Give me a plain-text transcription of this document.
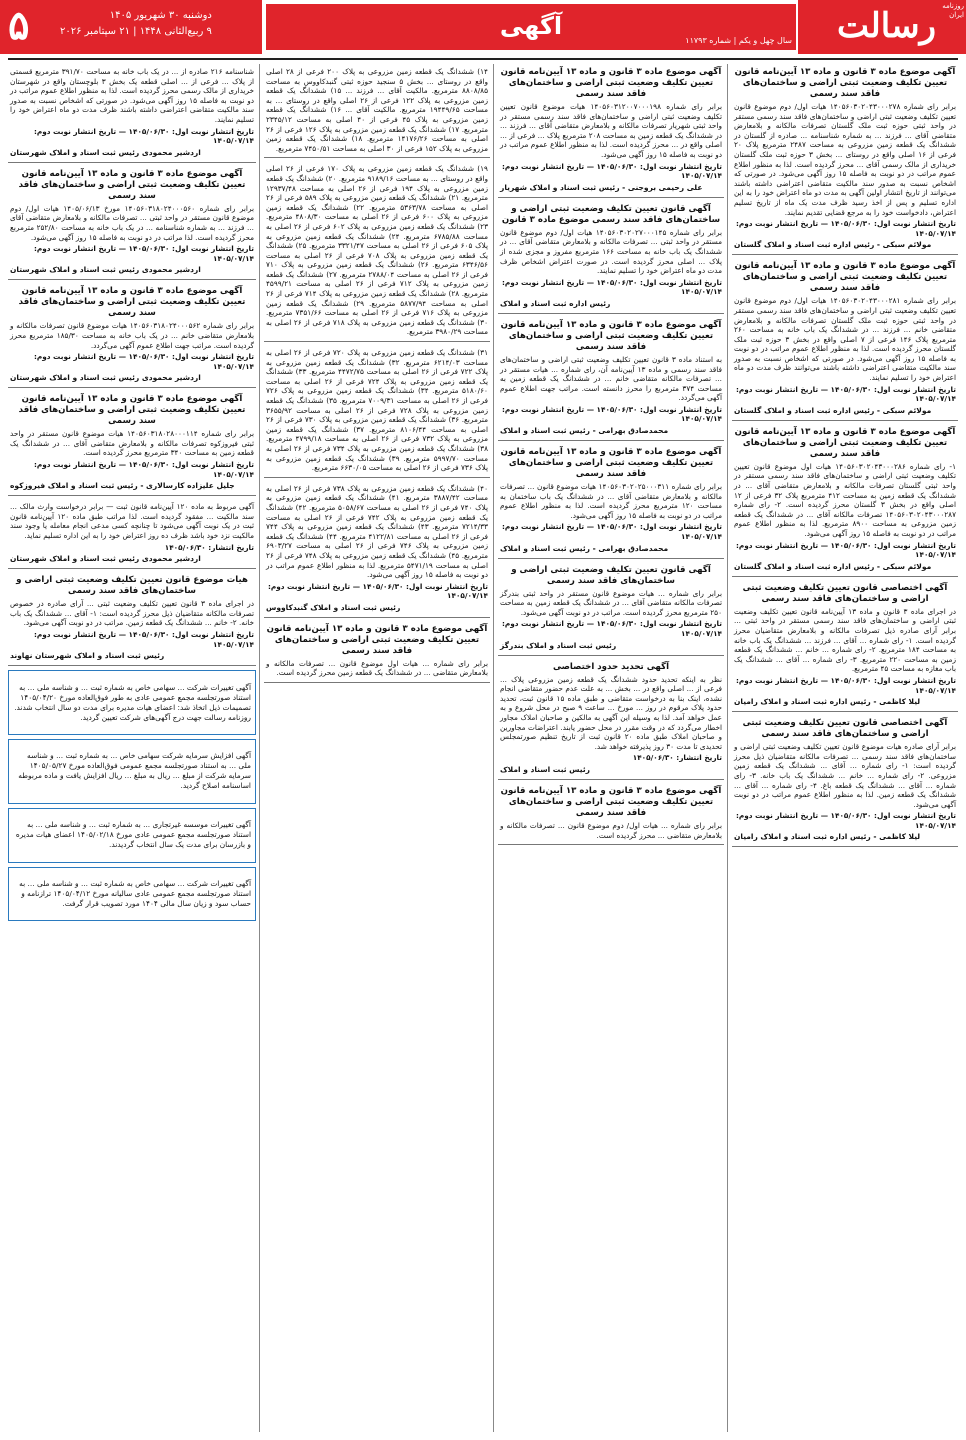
رسالت
آگهی
۵	دوشنبه ۳۰ شهریور ۱۴۰۵
۹ ربیع‌الثانی ۱۴۴۸ | ۲۱ سپتامبر ۲۰۲۶
سال چهل و یکم | شماره ۱۱۷۹۳
روزنامه
ایران
آگهی موضوع ماده ۳ قانون و ماده ۱۳ آیین‌نامه قانون تعیین تکلیف وضعیت ثبتی اراضی و ساختمان‌های فاقد سند رسمی

برابر رای شماره ۱۴۰۵۶۰۳۰۲۰۴۳۰۰۰۲۷۸ هیات اول/ دوم موضوع قانون تعیین تکلیف وضعیت ثبتی اراضی و ساختمان‌های فاقد سند رسمی مستقر در واحد ثبتی حوزه ثبت ملک گلستان تصرفات مالکانه و بلامعارض متقاضی آقای ... فرزند ... به شماره شناسنامه ... صادره از گلستان در ششدانگ یک قطعه زمین مزروعی به مساحت ۲۴۸۷ مترمربع پلاک ۲۰ فرعی از ۱۶ اصلی واقع در روستای ... بخش ۳ حوزه ثبت ملک گلستان خریداری از مالک رسمی آقای ... محرز گردیده است. لذا به منظور اطلاع عموم مراتب در دو نوبت به فاصله ۱۵ روز آگهی می‌شود. در صورتی که اشخاص نسبت به صدور سند مالکیت متقاضی اعتراضی داشته باشند می‌توانند از تاریخ انتشار اولین آگهی به مدت دو ماه اعتراض خود را به این اداره تسلیم و پس از اخذ رسید ظرف مدت یک ماه از تاریخ تسلیم اعتراض، دادخواست خود را به مرجع قضایی تقدیم نمایند.

تاریخ انتشار نوبت اول: ۱۴۰۵/۰۶/۳۰ — تاریخ انتشار نوبت دوم: ۱۴۰۵/۰۷/۱۴
مولائم سبکی - رئیس اداره ثبت اسناد و املاک گلستان
آگهی موضوع ماده ۳ قانون و ماده ۱۳ آیین‌نامه قانون تعیین تکلیف وضعیت ثبتی اراضی و ساختمان‌های فاقد سند رسمی

برابر رای شماره ۱۴۰۵۶۰۳۰۲۰۴۳۰۰۰۲۸۱ هیات اول/ دوم موضوع قانون تعیین تکلیف وضعیت ثبتی اراضی و ساختمان‌های فاقد سند رسمی مستقر در واحد ثبتی حوزه ثبت ملک گلستان تصرفات مالکانه و بلامعارض متقاضی خانم ... فرزند ... در ششدانگ یک باب خانه به مساحت ۲۶۰ مترمربع پلاک ۱۴۶ فرعی از ۷ اصلی واقع در بخش ۳ حوزه ثبت ملک گلستان محرز گردیده است. لذا به منظور اطلاع عموم مراتب در دو نوبت به فاصله ۱۵ روز آگهی می‌شود. در صورتی که اشخاص نسبت به صدور سند مالکیت متقاضی اعتراضی داشته باشند می‌توانند ظرف مدت دو ماه اعتراض خود را تسلیم نمایند.

تاریخ انتشار نوبت اول: ۱۴۰۵/۰۶/۳۰ — تاریخ انتشار نوبت دوم: ۱۴۰۵/۰۷/۱۴
مولائم سبکی - رئیس اداره ثبت اسناد و املاک گلستان
آگهی موضوع ماده ۳ قانون و ماده ۱۳ آیین‌نامه قانون تعیین تکلیف وضعیت ثبتی اراضی و ساختمان‌های فاقد سند رسمی

۱- رای شماره ۱۴۰۵۶۰۳۰۲۰۴۳۰۰۰۲۸۶ هیات اول موضوع قانون تعیین تکلیف وضعیت ثبتی اراضی و ساختمان‌های فاقد سند رسمی مستقر در واحد ثبتی گلستان تصرفات مالکانه و بلامعارض متقاضی آقای ... در ششدانگ یک قطعه زمین به مساحت ۴۱۲ مترمربع پلاک ۳۲ فرعی از ۱۲ اصلی واقع در بخش ۳ گلستان محرز گردیده است. ۲- رای شماره ۱۴۰۵۶۰۳۰۲۰۴۳۰۰۰۲۸۷ تصرفات مالکانه آقای ... در ششدانگ یک قطعه زمین مزروعی به مساحت ۸۹۰۰ مترمربع. لذا به منظور اطلاع عموم مراتب در دو نوبت به فاصله ۱۵ روز آگهی می‌شود.

تاریخ انتشار نوبت اول: ۱۴۰۵/۰۶/۳۰ — تاریخ انتشار نوبت دوم: ۱۴۰۵/۰۷/۱۴
مولائم سبکی - رئیس اداره ثبت اسناد و املاک گلستان
آگهی اختصاصی قانون تعیین تکلیف وضعیت ثبتی اراضی و ساختمان‌های فاقد سند رسمی

در اجرای ماده ۳ قانون و ماده ۱۳ آیین‌نامه قانون تعیین تکلیف وضعیت ثبتی اراضی و ساختمان‌های فاقد سند رسمی مستقر در واحد ثبتی ... برابر آرای صادره ذیل تصرفات مالکانه و بلامعارض متقاضیان محرز گردیده است. ۱- رای شماره ... آقای ... فرزند ... ششدانگ یک باب خانه به مساحت ۱۸۴ مترمربع. ۲- رای شماره ... خانم ... ششدانگ یک قطعه زمین به مساحت ۲۲۰ مترمربع. ۳- رای شماره ... آقای ... ششدانگ یک باب مغازه به مساحت ۴۵ مترمربع.

تاریخ انتشار نوبت اول: ۱۴۰۵/۰۶/۳۰ — تاریخ انتشار نوبت دوم: ۱۴۰۵/۰۷/۱۴
لیلا کاظمی - رئیس اداره ثبت اسناد و املاک رامیان
آگهی اختصاصی قانون تعیین تکلیف وضعیت ثبتی اراضی و ساختمان‌های فاقد سند رسمی

برابر آرای صادره هیات موضوع قانون تعیین تکلیف وضعیت ثبتی اراضی و ساختمان‌های فاقد سند رسمی ... تصرفات مالکانه متقاضیان ذیل محرز گردیده است: ۱- رای شماره ... آقای ... ششدانگ یک قطعه زمین مزروعی. ۲- رای شماره ... خانم ... ششدانگ یک باب خانه. ۳- رای شماره ... آقای ... ششدانگ یک قطعه باغ. ۴- رای شماره ... آقای ... ششدانگ یک قطعه زمین. لذا به منظور اطلاع عموم مراتب در دو نوبت آگهی می‌شود.

تاریخ انتشار نوبت اول: ۱۴۰۵/۰۶/۳۰ — تاریخ انتشار نوبت دوم: ۱۴۰۵/۰۷/۱۴
لیلا کاظمی - رئیس اداره ثبت اسناد و املاک رامیان
آگهی موضوع ماده ۳ قانون و ماده ۱۳ آیین‌نامه قانون تعیین تکلیف وضعیت ثبتی اراضی و ساختمان‌های فاقد سند رسمی

برابر رای شماره ۱۴۰۵۶۰۳۱۲۰۰۷۰۰۰۱۹۸ هیات موضوع قانون تعیین تکلیف وضعیت ثبتی اراضی و ساختمان‌های فاقد سند رسمی مستقر در واحد ثبتی شهریار تصرفات مالکانه و بلامعارض متقاضی آقای ... فرزند ... در ششدانگ یک قطعه زمین به مساحت ۲۰۸ مترمربع پلاک ... فرعی از ... اصلی واقع در ... محرز گردیده است. لذا به منظور اطلاع عموم مراتب در دو نوبت به فاصله ۱۵ روز آگهی می‌شود.

تاریخ انتشار نوبت اول: ۱۴۰۵/۰۶/۳۰ — تاریخ انتشار نوبت دوم: ۱۴۰۵/۰۷/۱۴
علی رحیمی بروجنی - رئیس ثبت اسناد و املاک شهریار
آگهی قانون تعیین تکلیف وضعیت ثبتی اراضی و ساختمان‌های فاقد سند رسمی موضوع ماده ۳ قانون

برابر رای شماره ۱۴۰۵۶۰۳۰۲۰۲۷۰۰۰۱۴۵ هیات اول/ دوم موضوع قانون مستقر در واحد ثبتی ... تصرفات مالکانه و بلامعارض متقاضی آقای ... در ششدانگ یک باب خانه به مساحت ۱۶۶ مترمربع مفروز و مجزی شده از پلاک ... اصلی محرز گردیده است. در صورت اعتراض اشخاص ظرف مدت دو ماه اعتراض خود را تسلیم نمایند.

تاریخ انتشار نوبت اول: ۱۴۰۵/۰۶/۳۰ — تاریخ انتشار نوبت دوم: ۱۴۰۵/۰۷/۱۴
رئیس اداره ثبت اسناد و املاک
آگهی موضوع ماده ۳ قانون و ماده ۱۳ آیین‌نامه قانون تعیین تکلیف وضعیت ثبتی اراضی و ساختمان‌های فاقد سند رسمی

به استناد ماده ۳ قانون تعیین تکلیف وضعیت ثبتی اراضی و ساختمان‌های فاقد سند رسمی و ماده ۱۳ آیین‌نامه آن، رای شماره ... هیات مستقر در ... تصرفات مالکانه متقاضی خانم ... در ششدانگ یک قطعه زمین به مساحت ۳۷۴ مترمربع را محرز دانسته است. مراتب جهت اطلاع عموم آگهی می‌گردد.

تاریخ انتشار نوبت اول: ۱۴۰۵/۰۶/۳۰ — تاریخ انتشار نوبت دوم: ۱۴۰۵/۰۷/۱۴
محمدصادق بهرامی - رئیس ثبت اسناد و املاک
آگهی موضوع ماده ۳ قانون و ماده ۱۳ آیین‌نامه قانون تعیین تکلیف وضعیت ثبتی اراضی و ساختمان‌های فاقد سند رسمی

برابر رای شماره ۱۴۰۵۶۰۳۰۲۰۲۵۰۰۰۳۱۱ هیات موضوع قانون ... تصرفات مالکانه و بلامعارض متقاضی آقای ... در ششدانگ یک باب ساختمان به مساحت ۱۲۰ مترمربع محرز گردیده است. لذا به منظور اطلاع عموم مراتب در دو نوبت به فاصله ۱۵ روز آگهی می‌شود.

تاریخ انتشار نوبت اول: ۱۴۰۵/۰۶/۳۰ — تاریخ انتشار نوبت دوم: ۱۴۰۵/۰۷/۱۴
محمدصادق بهرامی - رئیس ثبت اسناد و املاک
آگهی قانون تعیین تکلیف وضعیت ثبتی اراضی و ساختمان‌های فاقد سند رسمی

برابر رای شماره ... هیات موضوع قانون مستقر در واحد ثبتی بندرگز تصرفات مالکانه متقاضی آقای ... در ششدانگ یک قطعه زمین به مساحت ۲۵۰ مترمربع محرز گردیده است. مراتب در دو نوبت آگهی می‌شود.

تاریخ انتشار نوبت اول: ۱۴۰۵/۰۶/۳۰ — تاریخ انتشار نوبت دوم: ۱۴۰۵/۰۷/۱۴
رئیس ثبت اسناد و املاک بندرگز
آگهی تحدید حدود اختصاصی

نظر به اینکه تحدید حدود ششدانگ یک قطعه زمین مزروعی پلاک ... فرعی از ... اصلی واقع در ... بخش ... به علت عدم حضور متقاضی انجام نشده، اینک بنا به درخواست متقاضی و طبق ماده ۱۵ قانون ثبت، تحدید حدود پلاک مرقوم در روز ... مورخ ... ساعت ۹ صبح در محل شروع و به عمل خواهد آمد. لذا به وسیله این آگهی به مالکین و صاحبان املاک مجاور اخطار می‌گردد که در وقت مقرر در محل حضور یابند. اعتراضات مجاورین و صاحبان املاک طبق ماده ۲۰ قانون ثبت از تاریخ تنظیم صورتمجلس تحدیدی تا مدت ۳۰ روز پذیرفته خواهد شد.

تاریخ انتشار: ۱۴۰۵/۰۶/۳۰
رئیس ثبت اسناد و املاک
آگهی موضوع ماده ۳ قانون و ماده ۱۳ آیین‌نامه قانون تعیین تکلیف وضعیت ثبتی اراضی و ساختمان‌های فاقد سند رسمی

برابر رای شماره ... هیات اول/ دوم موضوع قانون ... تصرفات مالکانه و بلامعارض متقاضی ... محرز گردیده است.

۱۴) ششدانگ یک قطعه زمین مزروعی به پلاک ۲۰۰ فرعی از ۲۸ اصلی واقع در روستای ... بخش ۵ سنجید حوزه ثبتی گنبدکاووس به مساحت ۸۸۰۸/۸۵ مترمربع. مالکیت آقای ... فرزند ... ۱۵) ششدانگ یک قطعه زمین مزروعی به پلاک ۱۲۲ فرعی از ۲۶ اصلی واقع در روستای ... به مساحت ۱۹۴۴۹/۶۵ مترمربع. مالکیت آقای ... ۱۶) ششدانگ یک قطعه زمین مزروعی به پلاک ۴۵ فرعی از ۴۰ اصلی به مساحت ۲۳۴۵/۱۲ مترمربع. ۱۷) ششدانگ یک قطعه زمین مزروعی به پلاک ۱۲۶ فرعی از ۲۶ اصلی به مساحت ۱۴۱۷۶/۲۶ مترمربع. ۱۸) ششدانگ یک قطعه زمین مزروعی به پلاک ۱۵۲ فرعی از ۳۰ اصلی به مساحت ۷۴۵۰/۵۱ مترمربع.

۱۹) ششدانگ یک قطعه زمین مزروعی به پلاک ۱۷۰ فرعی از ۲۶ اصلی واقع در روستای ... به مساحت ۹۱۸۹/۱۶ مترمربع. ۲۰) ششدانگ یک قطعه زمین مزروعی به پلاک ۱۹۴ فرعی از ۲۶ اصلی به مساحت ۱۲۹۳۷/۴۸ مترمربع. ۲۱) ششدانگ یک قطعه زمین مزروعی به پلاک ۵۸۹ فرعی از ۲۶ اصلی به مساحت ۵۳۶۳/۷۸ مترمربع. ۲۲) ششدانگ یک قطعه زمین مزروعی به پلاک ۶۰۰ فرعی از ۲۶ اصلی به مساحت ۴۸۰۸/۳۰ مترمربع. ۲۳) ششدانگ یک قطعه زمین مزروعی به پلاک ۶۰۲ فرعی از ۲۶ اصلی به مساحت ۶۷۸۵/۸۸ مترمربع. ۲۴) ششدانگ یک قطعه زمین مزروعی به پلاک ۶۰۵ فرعی از ۲۶ اصلی به مساحت ۳۳۲۱/۴۷ مترمربع. ۲۵) ششدانگ یک قطعه زمین مزروعی به پلاک ۷۰۸ فرعی از ۲۶ اصلی به مساحت ۶۳۴۶/۵۶ مترمربع. ۲۶) ششدانگ یک قطعه زمین مزروعی به پلاک ۷۱۰ فرعی از ۲۶ اصلی به مساحت ۲۷۸۸/۰۴ مترمربع. ۲۷) ششدانگ یک قطعه زمین مزروعی به پلاک ۷۱۲ فرعی از ۲۶ اصلی به مساحت ۴۵۹۹/۲۱ مترمربع. ۲۸) ششدانگ یک قطعه زمین مزروعی به پلاک ۷۱۴ فرعی از ۲۶ اصلی به مساحت ۵۸۷۷/۹۴ مترمربع. ۲۹) ششدانگ یک قطعه زمین مزروعی به پلاک ۷۱۶ فرعی از ۲۶ اصلی به مساحت ۷۳۵۱/۶۶ مترمربع. ۳۰) ششدانگ یک قطعه زمین مزروعی به پلاک ۷۱۸ فرعی از ۲۶ اصلی به مساحت ۳۹۸۰/۲۹ مترمربع.

۳۱) ششدانگ یک قطعه زمین مزروعی به پلاک ۷۲۰ فرعی از ۲۶ اصلی به مساحت ۶۲۱۴/۰۳ مترمربع. ۳۲) ششدانگ یک قطعه زمین مزروعی به پلاک ۷۲۲ فرعی از ۲۶ اصلی به مساحت ۴۴۷۲/۷۵ مترمربع. ۳۳) ششدانگ یک قطعه زمین مزروعی به پلاک ۷۲۴ فرعی از ۲۶ اصلی به مساحت ۵۱۸۰/۶۰ مترمربع. ۳۴) ششدانگ یک قطعه زمین مزروعی به پلاک ۷۲۶ فرعی از ۲۶ اصلی به مساحت ۷۰۰۹/۳۱ مترمربع. ۳۵) ششدانگ یک قطعه زمین مزروعی به پلاک ۷۲۸ فرعی از ۲۶ اصلی به مساحت ۳۶۵۵/۹۲ مترمربع. ۳۶) ششدانگ یک قطعه زمین مزروعی به پلاک ۷۳۰ فرعی از ۲۶ اصلی به مساحت ۸۱۰۶/۴۴ مترمربع. ۳۷) ششدانگ یک قطعه زمین مزروعی به پلاک ۷۳۲ فرعی از ۲۶ اصلی به مساحت ۴۷۹۹/۱۸ مترمربع. ۳۸) ششدانگ یک قطعه زمین مزروعی به پلاک ۷۳۴ فرعی از ۲۶ اصلی به مساحت ۵۹۹۷/۷۰ مترمربع. ۳۹) ششدانگ یک قطعه زمین مزروعی به پلاک ۷۳۶ فرعی از ۲۶ اصلی به مساحت ۶۶۳۰/۰۵ مترمربع.

۴۰) ششدانگ یک قطعه زمین مزروعی به پلاک ۷۳۸ فرعی از ۲۶ اصلی به مساحت ۳۸۸۷/۴۲ مترمربع. ۴۱) ششدانگ یک قطعه زمین مزروعی به پلاک ۷۴۰ فرعی از ۲۶ اصلی به مساحت ۵۰۵۸/۶۷ مترمربع. ۴۲) ششدانگ یک قطعه زمین مزروعی به پلاک ۷۴۲ فرعی از ۲۶ اصلی به مساحت ۷۲۱۴/۳۳ مترمربع. ۴۳) ششدانگ یک قطعه زمین مزروعی به پلاک ۷۴۴ فرعی از ۲۶ اصلی به مساحت ۴۱۲۲/۸۱ مترمربع. ۴۴) ششدانگ یک قطعه زمین مزروعی به پلاک ۷۴۶ فرعی از ۲۶ اصلی به مساحت ۶۹۰۳/۲۷ مترمربع. ۴۵) ششدانگ یک قطعه زمین مزروعی به پلاک ۷۴۸ فرعی از ۲۶ اصلی به مساحت ۵۴۷۱/۱۹ مترمربع. لذا به منظور اطلاع عموم مراتب در دو نوبت به فاصله ۱۵ روز آگهی می‌شود.

تاریخ انتشار نوبت اول: ۱۴۰۵/۰۶/۳۰ — تاریخ انتشار نوبت دوم: ۱۴۰۵/۰۷/۱۴
رئیس ثبت اسناد و املاک گنبدکاووس
آگهی موضوع ماده ۳ قانون و ماده ۱۳ آیین‌نامه قانون تعیین تکلیف وضعیت ثبتی اراضی و ساختمان‌های فاقد سند رسمی

برابر رای شماره ... هیات اول موضوع قانون ... تصرفات مالکانه و بلامعارض متقاضی ... در ششدانگ یک قطعه زمین محرز گردیده است.

شناسنامه ۲۱۶ صادره از ... در یک باب خانه به مساحت ۳۹۱/۷۰ مترمربع قسمتی از پلاک ... فرعی از ... اصلی قطعه یک بخش ۳ بلوچستان واقع در شهرستان خریداری از مالک رسمی محرز گردیده است. لذا به منظور اطلاع عموم مراتب در دو نوبت به فاصله ۱۵ روز آگهی می‌شود. در صورتی که اشخاص نسبت به صدور سند مالکیت متقاضی اعتراضی داشته باشند ظرف مدت دو ماه اعتراض خود را تسلیم نمایند.

تاریخ انتشار نوبت اول: ۱۴۰۵/۰۶/۳۰ — تاریخ انتشار نوبت دوم: ۱۴۰۵/۰۷/۱۴
اردشیر محمودی رئیس ثبت اسناد و املاک شهرستان
آگهی موضوع ماده ۳ قانون و ماده ۱۳ آیین‌نامه قانون تعیین تکلیف وضعیت ثبتی اراضی و ساختمان‌های فاقد سند رسمی

برابر رای شماره ۱۴۰۵۶۰۳۱۸۰۲۴۰۰۰۵۶۰ مورخ ۱۴۰۵/۰۶/۱۳ هیات اول/ دوم موضوع قانون مستقر در واحد ثبتی ... تصرفات مالکانه و بلامعارض متقاضی آقای ... فرزند ... به شماره شناسنامه ... در یک باب خانه به مساحت ۲۵۲/۸۰ مترمربع محرز گردیده است. لذا مراتب در دو نوبت به فاصله ۱۵ روز آگهی می‌شود.

تاریخ انتشار نوبت اول: ۱۴۰۵/۰۶/۳۰ — تاریخ انتشار نوبت دوم: ۱۴۰۵/۰۷/۱۴
اردشیر محمودی رئیس ثبت اسناد و املاک شهرستان
آگهی موضوع ماده ۳ قانون و ماده ۱۳ آیین‌نامه قانون تعیین تکلیف وضعیت ثبتی اراضی و ساختمان‌های فاقد سند رسمی

برابر رای شماره ۱۴۰۵۶۰۳۱۸۰۲۴۰۰۰۵۶۲ هیات موضوع قانون تصرفات مالکانه و بلامعارض متقاضی خانم ... در یک باب خانه به مساحت ۱۸۵/۳۰ مترمربع محرز گردیده است. مراتب جهت اطلاع عموم آگهی می‌گردد.

تاریخ انتشار نوبت اول: ۱۴۰۵/۰۶/۳۰ — تاریخ انتشار نوبت دوم: ۱۴۰۵/۰۷/۱۴
اردشیر محمودی رئیس ثبت اسناد و املاک شهرستان
آگهی موضوع ماده ۳ قانون و ماده ۱۳ آیین‌نامه قانون تعیین تکلیف وضعیت ثبتی اراضی و ساختمان‌های فاقد سند رسمی

برابر رای شماره ۱۴۰۵۶۰۳۱۸۰۲۸۰۰۰۱۱۴ هیات موضوع قانون مستقر در واحد ثبتی فیروزکوه تصرفات مالکانه و بلامعارض متقاضی آقای ... در ششدانگ یک قطعه زمین به مساحت ۳۴۰ مترمربع محرز گردیده است.

تاریخ انتشار نوبت اول: ۱۴۰۵/۰۶/۳۰ — تاریخ انتشار نوبت دوم: ۱۴۰۵/۰۷/۱۴
جلیل علیزاده کارسالاری - رئیس ثبت اسناد و املاک فیروزکوه

آگهی مربوط به ماده ۱۲۰ آیین‌نامه قانون ثبت — برابر درخواست وارث مالک ... سند مالکیت ... مفقود گردیده است. لذا مراتب طبق ماده ۱۲۰ آیین‌نامه قانون ثبت در یک نوبت آگهی می‌شود تا چنانچه کسی مدعی انجام معامله یا وجود سند مالکیت نزد خود باشد ظرف ده روز اعتراض خود را به این اداره تسلیم نماید.

تاریخ انتشار: ۱۴۰۵/۰۶/۳۰
اردشیر محمودی رئیس ثبت اسناد و املاک شهرستان
هیات موضوع قانون تعیین تکلیف وضعیت ثبتی اراضی و ساختمان‌های فاقد سند رسمی

در اجرای ماده ۳ قانون تعیین تکلیف وضعیت ثبتی ... آرای صادره در خصوص تصرفات مالکانه متقاضیان ذیل محرز گردیده است: ۱- آقای ... ششدانگ یک باب خانه. ۲- خانم ... ششدانگ یک قطعه زمین. مراتب در دو نوبت آگهی می‌شود.

تاریخ انتشار نوبت اول: ۱۴۰۵/۰۶/۳۰ — تاریخ انتشار نوبت دوم: ۱۴۰۵/۰۷/۱۴
رئیس ثبت اسناد و املاک شهرستان نهاوند

آگهی تغییرات شرکت ... سهامی خاص به شماره ثبت ... و شناسه ملی ... به استناد صورتجلسه مجمع عمومی عادی به طور فوق‌العاده مورخ ۱۴۰۵/۰۴/۲۰ تصمیمات ذیل اتخاذ شد: اعضای هیات مدیره برای مدت دو سال انتخاب شدند. روزنامه رسالت جهت درج آگهی‌های شرکت تعیین گردید.

آگهی افزایش سرمایه شرکت سهامی خاص ... به شماره ثبت ... و شناسه ملی ... به استناد صورتجلسه مجمع عمومی فوق‌العاده مورخ ۱۴۰۵/۰۵/۲۷ سرمایه شرکت از مبلغ ... ریال به مبلغ ... ریال افزایش یافت و ماده مربوطه اساسنامه اصلاح گردید.

آگهی تغییرات موسسه غیرتجاری ... به شماره ثبت ... و شناسه ملی ... به استناد صورتجلسه مجمع عمومی عادی مورخ ۱۴۰۵/۰۲/۱۸ اعضای هیات مدیره و بازرسان برای مدت یک سال انتخاب گردیدند.

آگهی تغییرات شرکت ... سهامی خاص به شماره ثبت ... و شناسه ملی ... به استناد صورتجلسه مجمع عمومی عادی سالیانه مورخ ۱۴۰۵/۰۴/۱۲ ترازنامه و حساب سود و زیان سال مالی ۱۴۰۴ مورد تصویب قرار گرفت.
